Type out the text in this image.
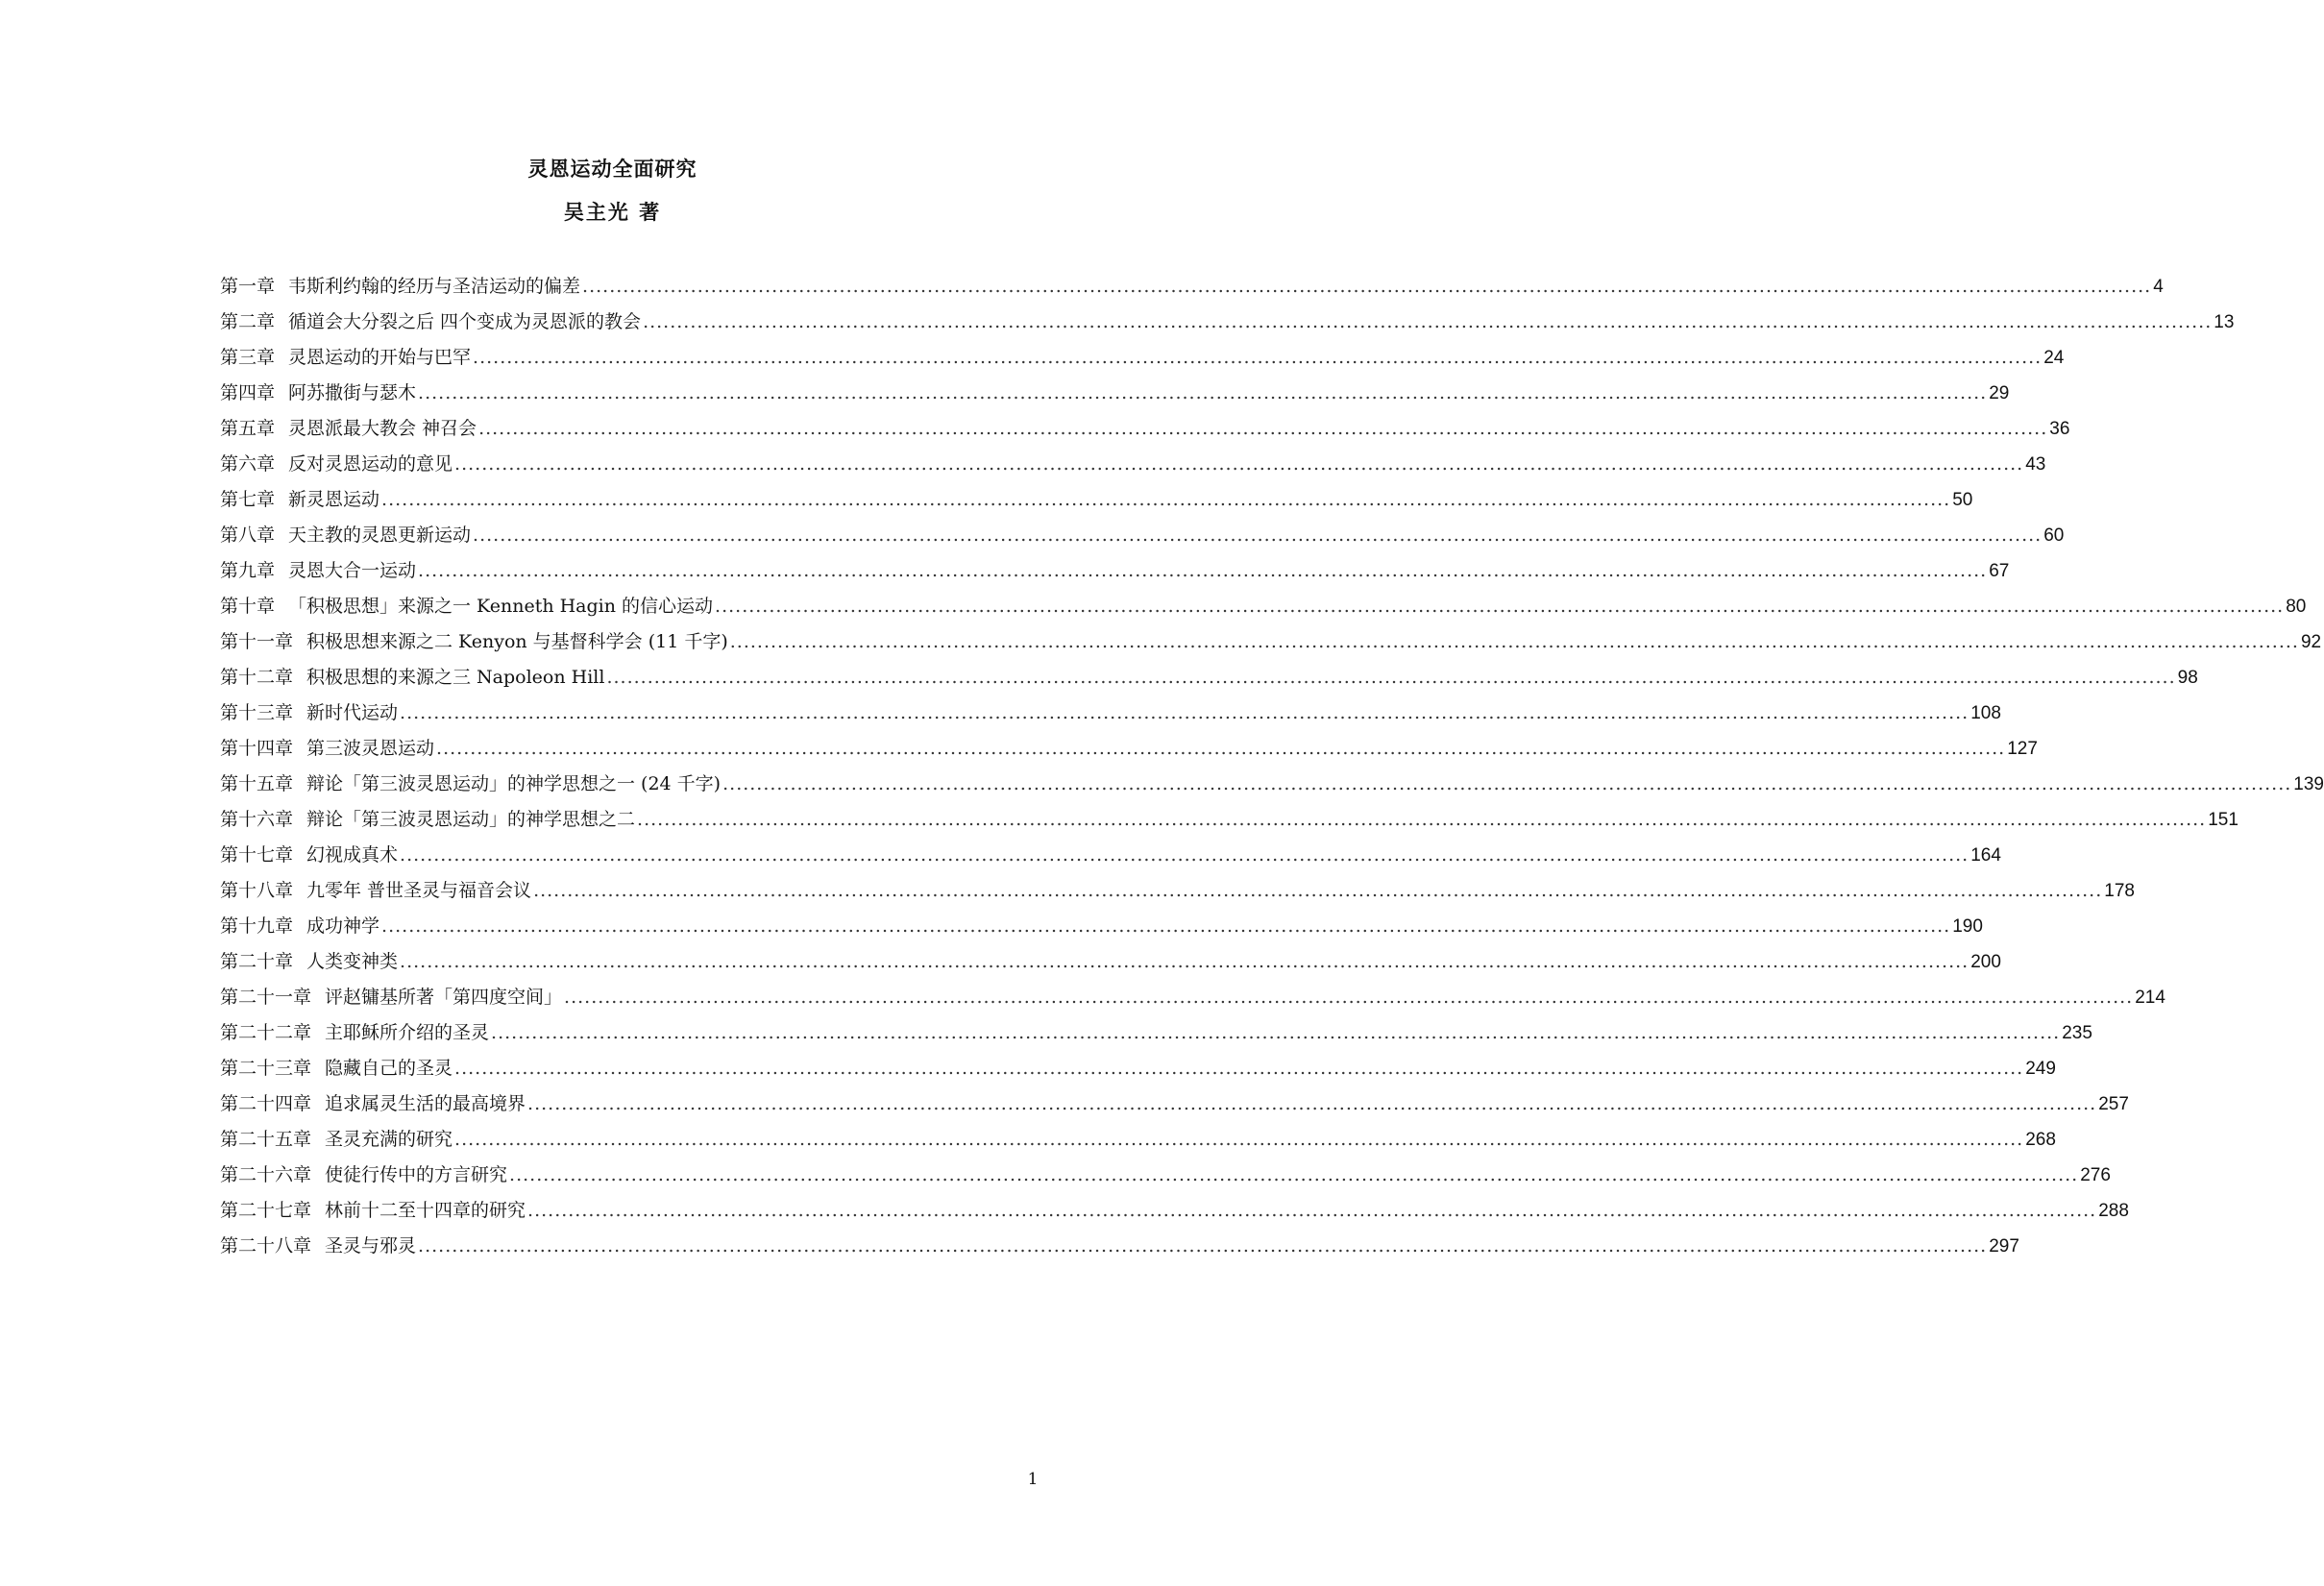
灵恩运动全面研究
吴主光 著
第一章 韦斯利约翰的经历与圣洁运动的偏差 .....	4
第二章 循道会大分裂之后 四个变成为灵恩派的教会 .....	13
第三章 灵恩运动的开始与巴罕 .....	24
第四章 阿苏撒街与瑟木 .....	29
第五章 灵恩派最大教会 神召会 .....	36
第六章 反对灵恩运动的意见 .....	43
第七章 新灵恩运动 .....	50
第八章 天主教的灵恩更新运动 .....	60
第九章 灵恩大合一运动 .....	67
第十章 「积极思想」来源之一 Kenneth Hagin 的信心运动 .....	80
第十一章 积极思想来源之二 Kenyon 与基督科学会 (11 千字) .....	92
第十二章 积极思想的来源之三 Napoleon Hill .....	98
第十三章 新时代运动 .....	108
第十四章 第三波灵恩运动 .....	127
第十五章 辩论「第三波灵恩运动」的神学思想之一 (24 千字) .....	139
第十六章 辩论「第三波灵恩运动」的神学思想之二 .....	151
第十七章 幻视成真术 .....	164
第十八章 九零年 普世圣灵与福音会议 .....	178
第十九章 成功神学 .....	190
第二十章 人类变神类 .....	200
第二十一章 评赵镛基所著「第四度空间」 .....	214
第二十二章 主耶稣所介绍的圣灵 .....	235
第二十三章 隐藏自己的圣灵 .....	249
第二十四章 追求属灵生活的最高境界 .....	257
第二十五章 圣灵充满的研究 .....	268
第二十六章 使徒行传中的方言研究 .....	276
第二十七章 林前十二至十四章的研究 .....	288
第二十八章 圣灵与邪灵 .....	297
1
